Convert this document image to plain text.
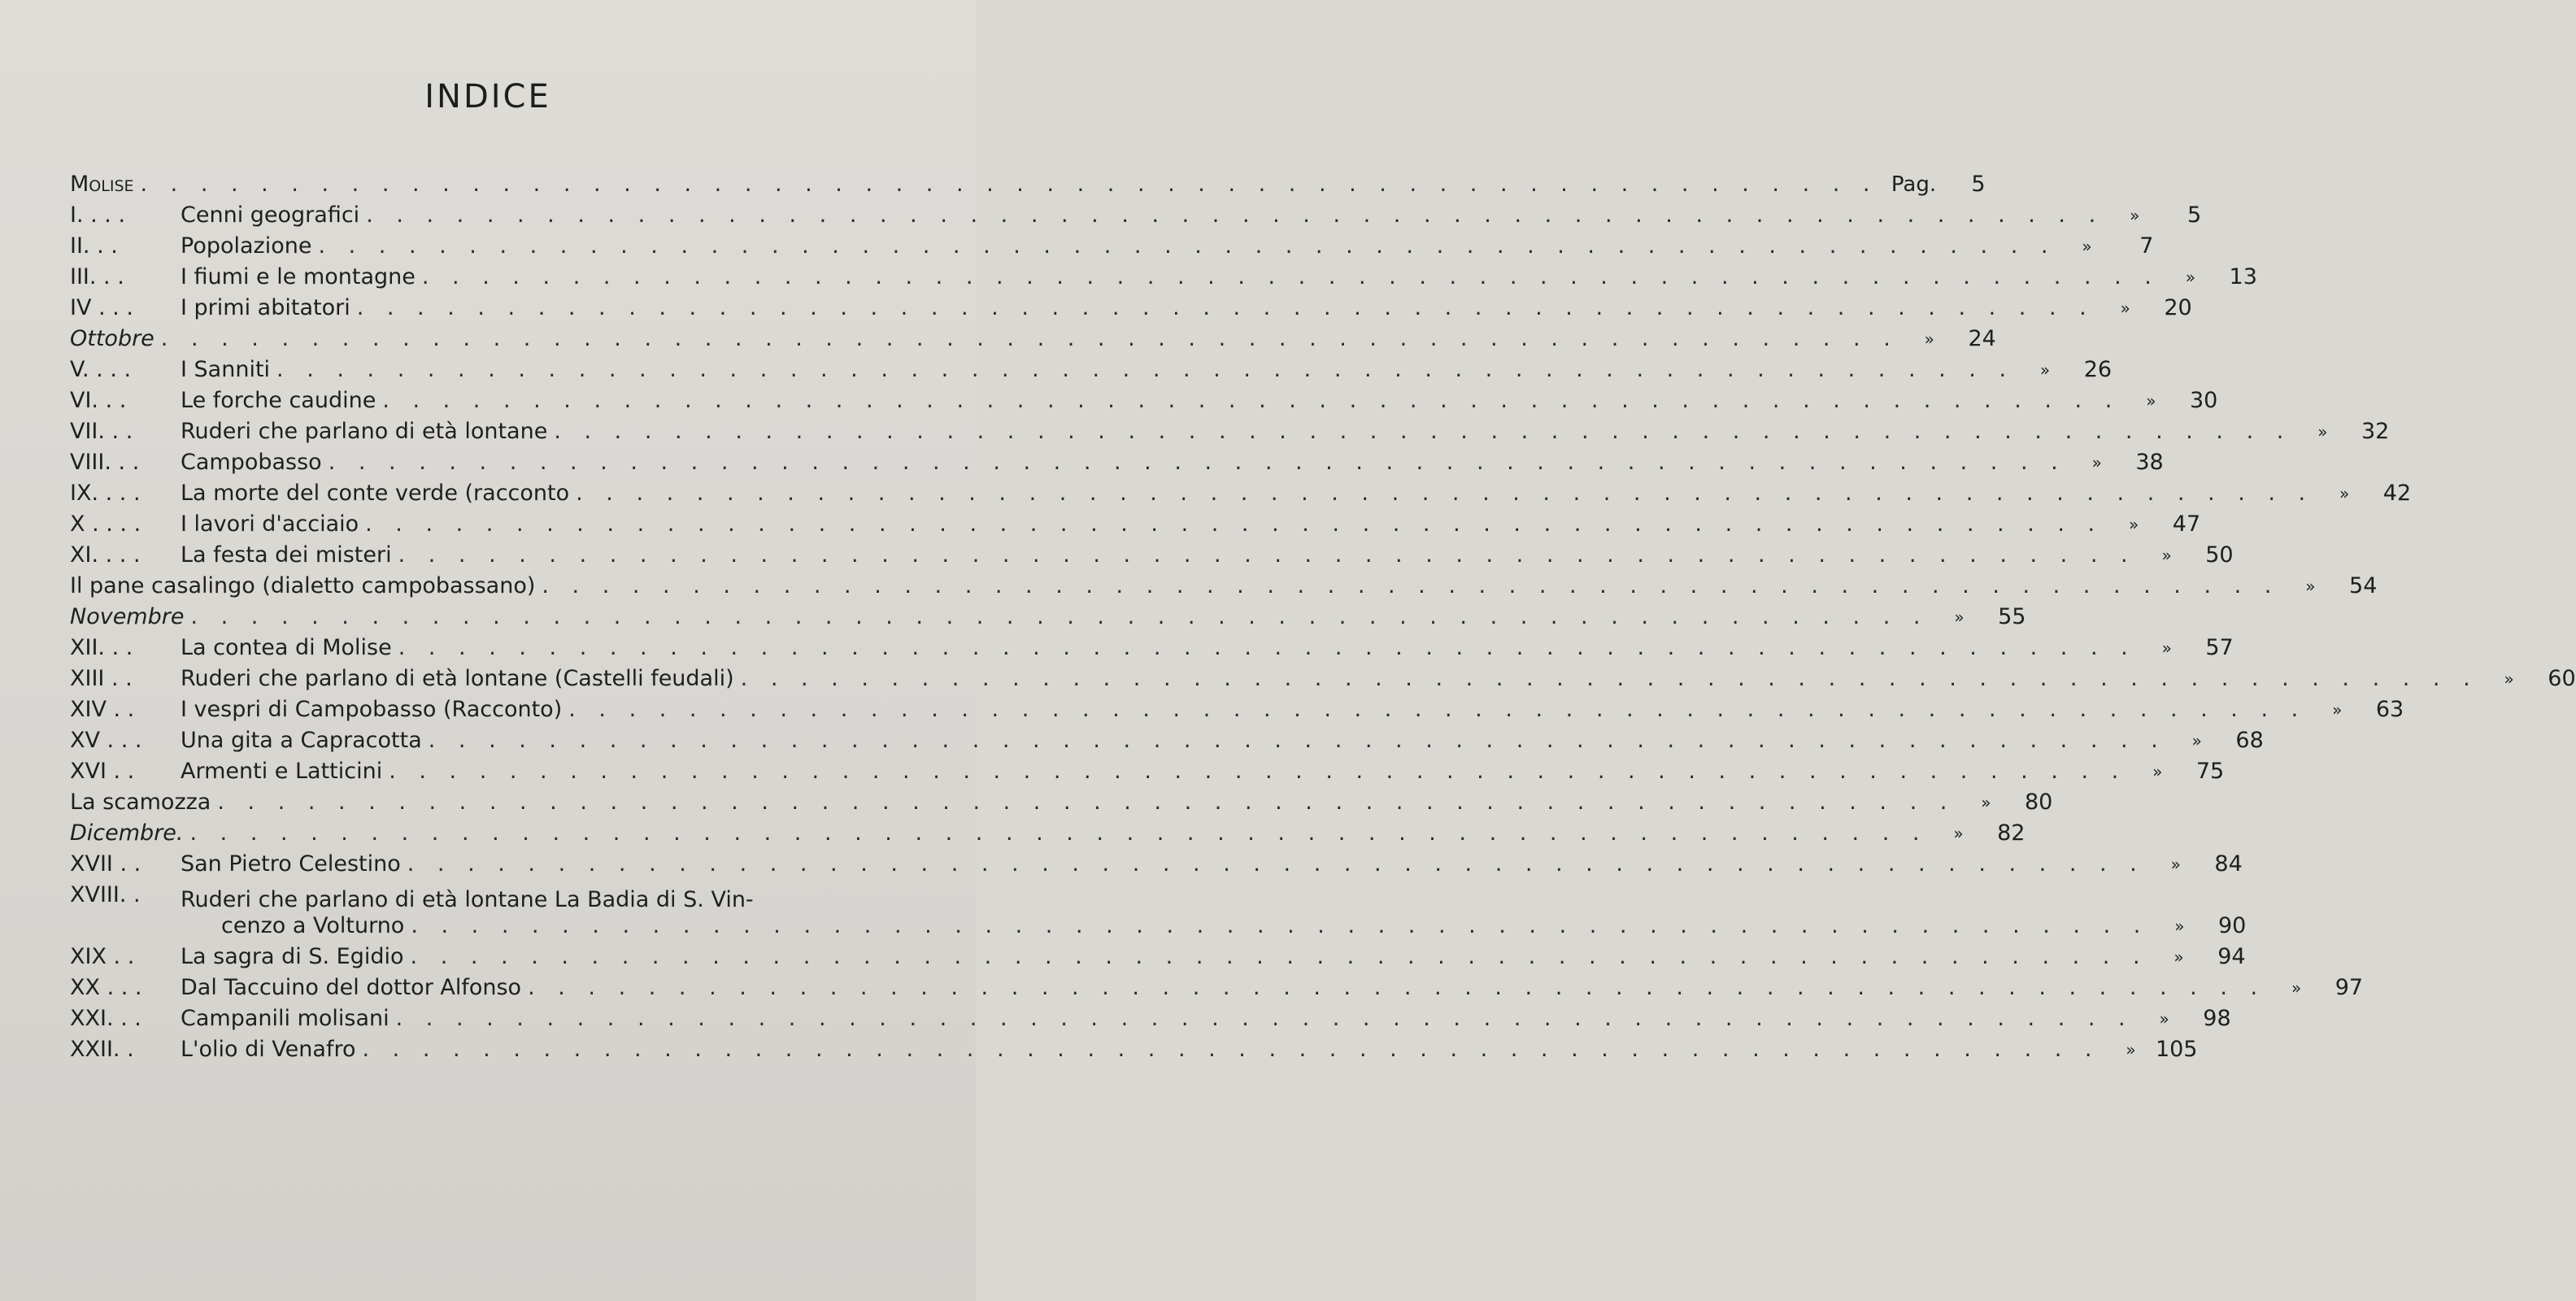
INDICE
Molise . . .	Pag.	5
I. . . .	Cenni geografici . . .	»	5
II. . .	Popolazione . . .	»	7
III. . .	I fiumi e le montagne . . .	»	13
IV . . .	I primi abitatori . . .	»	20
Ottobre . . .	»	24
V. . . .	I Sanniti . . .	»	26
VI. . .	Le forche caudine . . .	»	30
VII. . .	Ruderi che parlano di età lontane . . .	»	32
VIII. . .	Campobasso . . .	»	38
IX. . . .	La morte del conte verde (racconto . . .	»	42
X . . . .	I lavori d'acciaio . . .	»	47
XI. . . .	La festa dei misteri . . .	»	50
Il pane casalingo (dialetto campobassano) . . .	»	54
Novembre . . .	»	55
XII. . .	La contea di Molise . . .	»	57
XIII . .	Ruderi che parlano di età lontane (Castelli feudali) . . .	»	60
XIV . .	I vespri di Campobasso (Racconto) . . .	»	63
XV . . .	Una gita a Capracotta . . .	»	68
XVI . .	Armenti e Latticini . . .	»	75
La scamozza . . .	»	80
Dicembre. . . .	»	82
XVII . .	San Pietro Celestino . . .	»	84
XVIII. .	Ruderi che parlano di età lontane La Badia di S. Vin-
cenzo a Volturno . . .	»	90
XIX . .	La sagra di S. Egidio . . .	»	94
XX . . .	Dal Taccuino del dottor Alfonso . . .	»	97
XXI. . .	Campanili molisani . . .	»	98
XXII. .	L'olio di Venafro . . .	» 105
